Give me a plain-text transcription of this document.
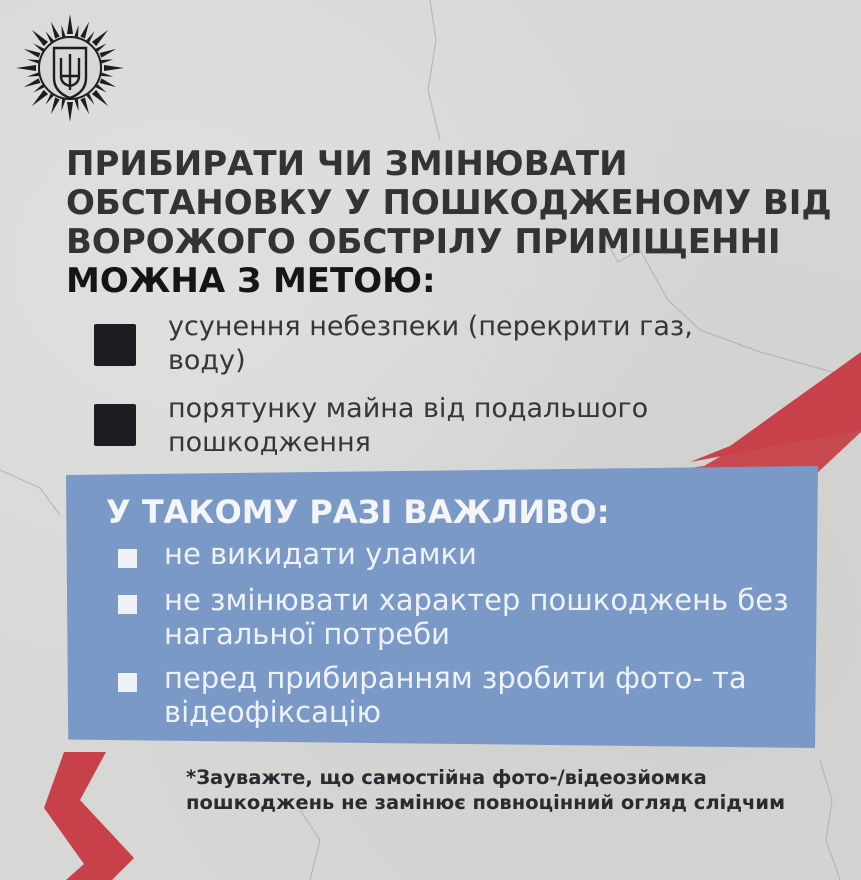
ПРИБИРАТИ ЧИ ЗМІНЮВАТИ
ОБСТАНОВКУ У ПОШКОДЖЕНОМУ ВІД
ВОРОЖОГО ОБСТРІЛУ ПРИМІЩЕННІ
МОЖНА З МЕТОЮ:
усунення небезпеки (перекрити газ, воду)
порятунку майна від подальшого пошкодження
У ТАКОМУ РАЗІ ВАЖЛИВО:
не викидати уламки
не змінювати характер пошкоджень без нагальної потреби
перед прибиранням зробити фото- та відеофіксацію
*Зауважте, що самостійна фото-/відеозйомка пошкоджень не замінює повноцінний огляд слідчим
